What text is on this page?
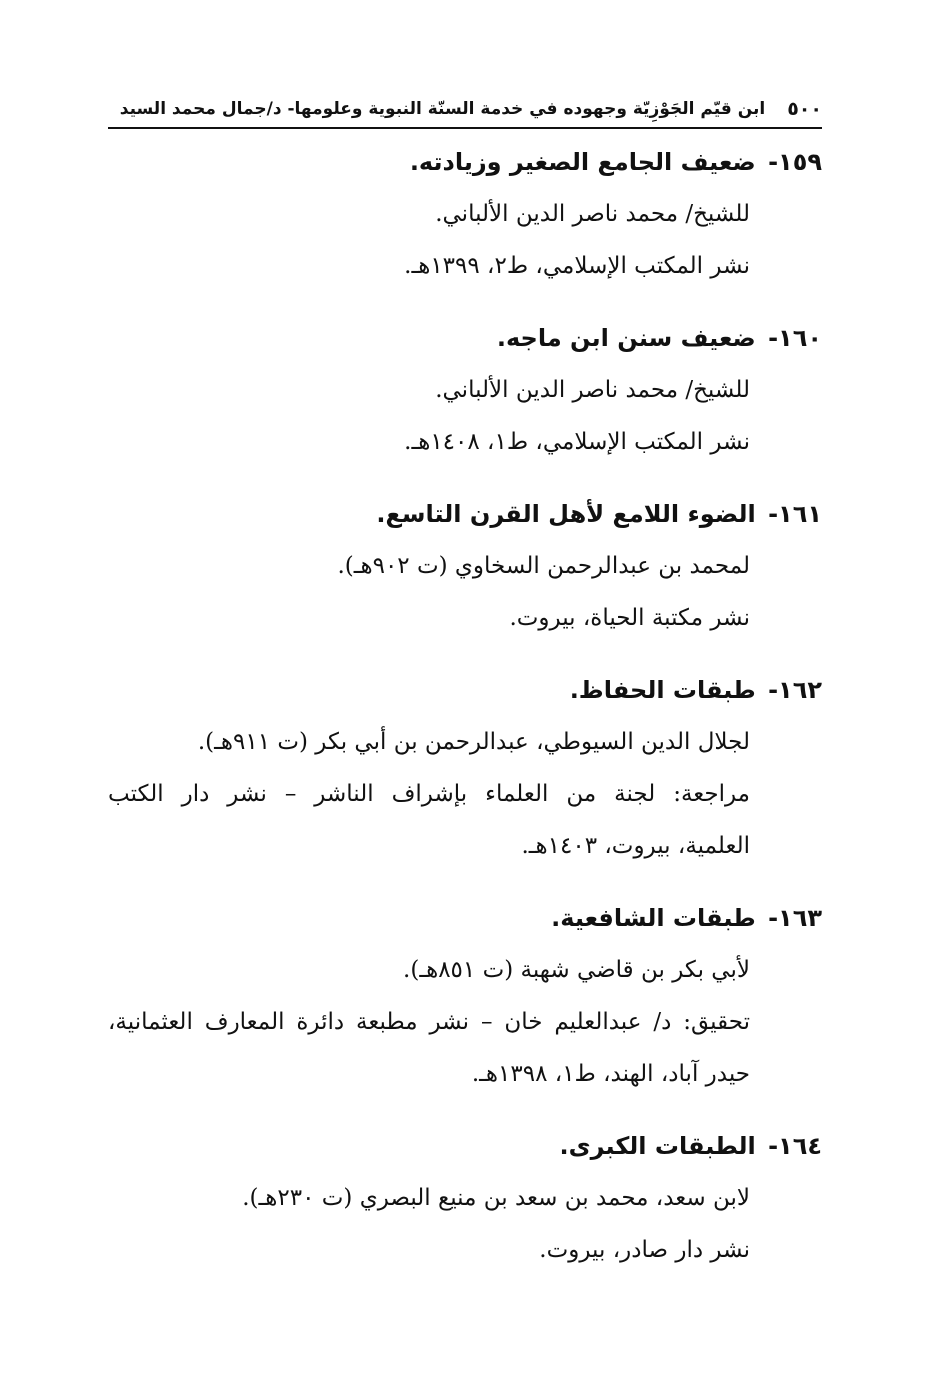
٥٠٠
ابن قيّم الجَوْزِيّة وجهوده في خدمة السنّة النبوية وعلومها- د/جمال محمد السيد
١٥٩- ضعيف الجامع الصغير وزيادته.
للشيخ/ محمد ناصر الدين الألباني.
نشر المكتب الإسلامي، ط٢، ١٣٩٩هـ.
١٦٠- ضعيف سنن ابن ماجه.
للشيخ/ محمد ناصر الدين الألباني.
نشر المكتب الإسلامي، ط١، ١٤٠٨هـ.
١٦١- الضوء اللامع لأهل القرن التاسع.
لمحمد بن عبدالرحمن السخاوي (ت ٩٠٢هـ).
نشر مكتبة الحياة، بيروت.
١٦٢- طبقات الحفاظ.
لجلال الدين السيوطي، عبدالرحمن بن أبي بكر (ت ٩١١هـ).
مراجعة: لجنة من العلماء بإشراف الناشر – نشر دار الكتب
العلمية، بيروت، ١٤٠٣هـ.
١٦٣- طبقات الشافعية.
لأبي بكر بن قاضي شهبة (ت ٨٥١هـ).
تحقيق: د/ عبدالعليم خان – نشر مطبعة دائرة المعارف العثمانية،
حيدر آباد، الهند، ط١، ١٣٩٨هـ.
١٦٤- الطبقات الكبرى.
لابن سعد، محمد بن سعد بن منيع البصري (ت ٢٣٠هـ).
نشر دار صادر، بيروت.
